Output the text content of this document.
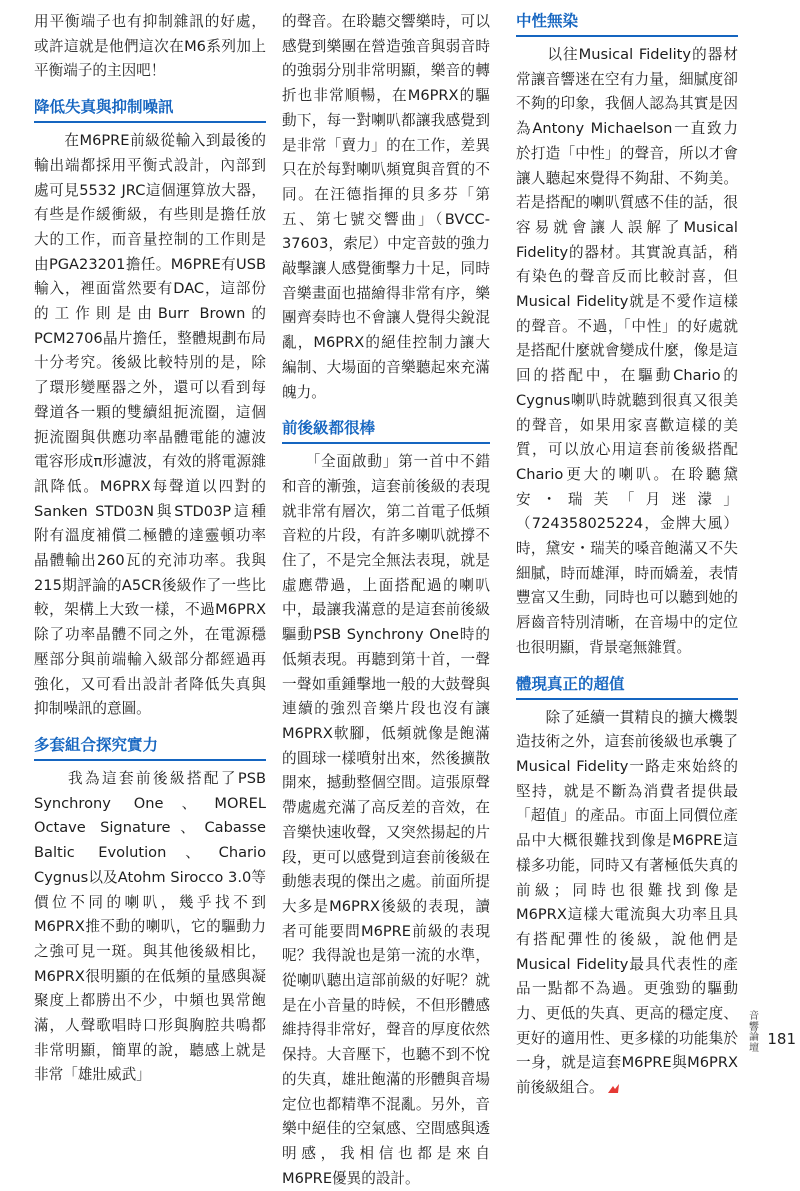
用平衡端子也有抑制雜訊的好處，或許這就是他們這次在M6系列加上平衡端子的主因吧！

降低失真與抑制噪訊

　　在M6PRE前級從輸入到最後的輸出端都採用平衡式設計，內部到處可見5532 JRC這個運算放大器，有些是作緩衝級，有些則是擔任放大的工作，而音量控制的工作則是由PGA23201擔任。M6PRE有USB輸入，裡面當然要有DAC，這部份的工作則是由Burr Brown的PCM2706晶片擔任，整體規劃布局十分考究。後級比較特別的是，除了環形變壓器之外，還可以看到每聲道各一顆的雙續組扼流圈，這個扼流圈與供應功率晶體電能的濾波電容形成π形濾波，有效的將電源雜訊降低。M6PRX每聲道以四對的Sanken STD03N與STD03P這種附有溫度補償二極體的達靈頓功率晶體輸出260瓦的充沛功率。我與215期評論的A5CR後級作了一些比較，架構上大致一樣，不過M6PRX除了功率晶體不同之外，在電源穩壓部分與前端輸入級部分都經過再強化，又可看出設計者降低失真與抑制噪訊的意圖。

多套組合探究實力

　　我為這套前後級搭配了PSB Synchrony One、MOREL Octave Signature、Cabasse Baltic Evolution、Chario Cygnus以及Atohm Sirocco 3.0等價位不同的喇叭，幾乎找不到M6PRX推不動的喇叭，它的驅動力之強可見一斑。與其他後級相比，M6PRX很明顯的在低頻的量感與凝聚度上都勝出不少，中頻也異常飽滿，人聲歌唱時口形與胸腔共鳴都非常明顯，簡單的說，聽感上就是非常「雄壯威武」

的聲音。在聆聽交響樂時，可以感覺到樂團在營造強音與弱音時的強弱分別非常明顯，樂音的轉折也非常順暢，在M6PRX的驅動下，每一對喇叭都讓我感覺到是非常「賣力」的在工作，差異只在於每對喇叭頻寬與音質的不同。在汪德指揮的貝多芬「第五、第七號交響曲」（BVCC-37603，索尼）中定音鼓的強力敲擊讓人感覺衝擊力十足，同時音樂畫面也描繪得非常有序，樂團齊奏時也不會讓人覺得尖銳混亂，M6PRX的絕佳控制力讓大編制、大場面的音樂聽起來充滿魄力。

前後級都很棒

　　「全面啟動」第一首中不錯和音的漸強，這套前後級的表現就非常有層次，第二首電子低頻音粒的片段，有許多喇叭就撐不住了，不是完全無法表現，就是虛應帶過，上面搭配過的喇叭中，最讓我滿意的是這套前後級驅動PSB Synchrony One時的低頻表現。再聽到第十首，一聲一聲如重鍾擊地一般的大鼓聲與連續的強烈音樂片段也沒有讓M6PRX軟腳，低頻就像是飽滿的圓球一樣噴射出來，然後擴散開來，撼動整個空間。這張原聲帶處處充滿了高反差的音效，在音樂快速收聲，又突然揚起的片段，更可以感覺到這套前後級在動態表現的傑出之處。前面所提大多是M6PRX後級的表現，讀者可能要問M6PRE前級的表現呢？我得說也是第一流的水準，從喇叭聽出這部前級的好呢？就是在小音量的時候，不但形體感維持得非常好，聲音的厚度依然保持。大音壓下，也聽不到不悅的失真，雄壯飽滿的形體與音場定位也都精準不混亂。另外，音樂中絕佳的空氣感、空間感與透明感，我相信也都是來自M6PRE優異的設計。

中性無染

　　以往Musical Fidelity的器材常讓音響迷在空有力量，細膩度卻不夠的印象，我個人認為其實是因為Antony Michaelson一直致力於打造「中性」的聲音，所以才會讓人聽起來覺得不夠甜、不夠美。若是搭配的喇叭質感不佳的話，很容易就會讓人誤解了Musical Fidelity的器材。其實說真話，稍有染色的聲音反而比較討喜，但Musical Fidelity就是不愛作這樣的聲音。不過，「中性」的好處就是搭配什麼就會變成什麼，像是這回的搭配中，在驅動Chario的 Cygnus喇叭時就聽到很真又很美的聲音，如果用家喜歡這樣的美質，可以放心用這套前後級搭配Chario更大的喇叭。在聆聽黛安・瑞芙「月迷濛」（724358025224，金牌大風）時，黛安・瑞芙的嗓音飽滿又不失細膩，時而雄渾，時而嬌羞，表情豐富又生動，同時也可以聽到她的唇齒音特別清晰，在音場中的定位也很明顯，背景毫無雜質。

體現真正的超值

　　除了延續一貫精良的擴大機製造技術之外，這套前後級也承襲了Musical Fidelity一路走來始終的堅持，就是不斷為消費者提供最「超值」的產品。市面上同價位產品中大概很難找到像是M6PRE這樣多功能，同時又有著極低失真的前級；同時也很難找到像是M6PRX這樣大電流與大功率且具有搭配彈性的後級，說他們是Musical Fidelity最具代表性的產品一點都不為過。更強勁的驅動力、更低的失真、更高的穩定度、更好的適用性、更多樣的功能集於一身，就是這套M6PRE與M6PRX前後級組合。

音響論壇 181
